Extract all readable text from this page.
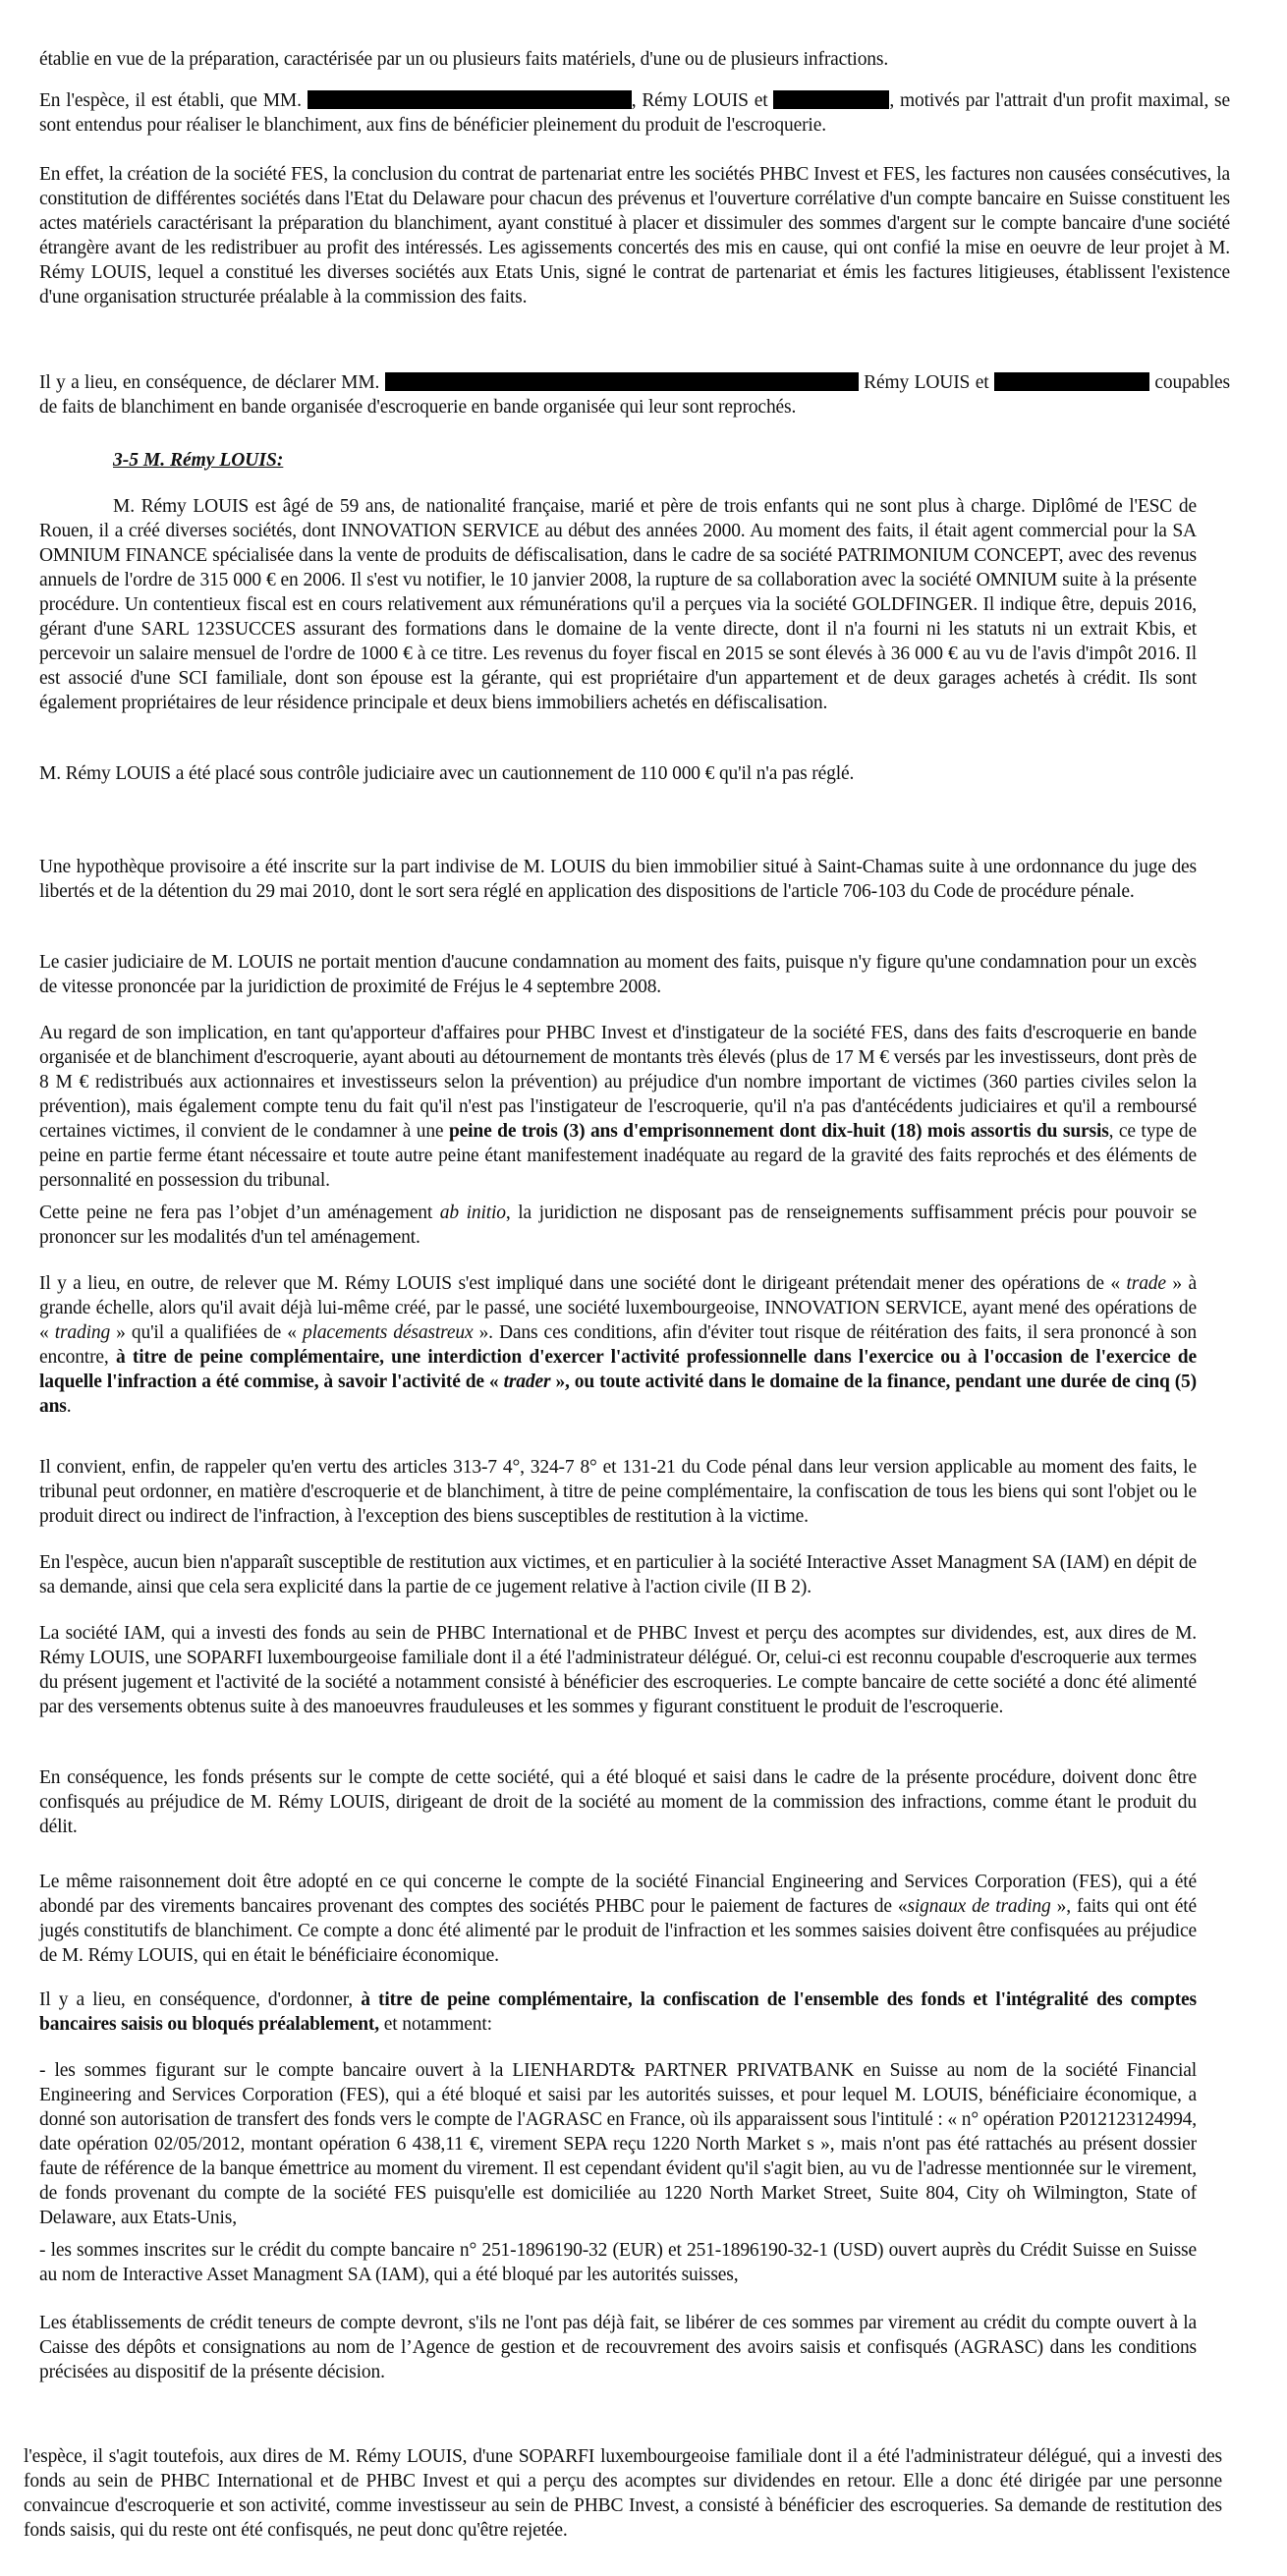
établie en vue de la préparation, caractérisée par un ou plusieurs faits matériels, d'une ou de plusieurs infractions.

En l'espèce, il est établi, que MM.	, Rémy LOUIS et	, motivés par l'attrait d'un profit maximal, se sont entendus pour réaliser le blanchiment, aux fins de bénéficier pleinement du produit de l'escroquerie.

En effet, la création de la société FES, la conclusion du contrat de partenariat entre les sociétés PHBC Invest et FES, les factures non causées consécutives, la constitution de différentes sociétés dans l'Etat du Delaware pour chacun des prévenus et l'ouverture corrélative d'un compte bancaire en Suisse constituent les actes matériels caractérisant la préparation du blanchiment, ayant constitué à placer et dissimuler des sommes d'argent sur le compte bancaire d'une société étrangère avant de les redistribuer au profit des intéressés. Les agissements concertés des mis en cause, qui ont confié la mise en oeuvre de leur projet à M. Rémy LOUIS, lequel a constitué les diverses sociétés aux Etats Unis, signé le contrat de partenariat et émis les factures litigieuses, établissent l'existence d'une organisation structurée préalable à la commission des faits.

Il y a lieu, en conséquence, de déclarer MM.	Rémy LOUIS et	coupables de faits de blanchiment en bande organisée d'escroquerie en bande organisée qui leur sont reprochés.

3-5 M. Rémy LOUIS:

M. Rémy LOUIS est âgé de 59 ans, de nationalité française, marié et père de trois enfants qui ne sont plus à charge. Diplômé de l'ESC de Rouen, il a créé diverses sociétés, dont INNOVATION SERVICE au début des années 2000. Au moment des faits, il était agent commercial pour la SA OMNIUM FINANCE spécialisée dans la vente de produits de défiscalisation, dans le cadre de sa société PATRIMONIUM CONCEPT, avec des revenus annuels de l'ordre de 315 000 € en 2006. Il s'est vu notifier, le 10 janvier 2008, la rupture de sa collaboration avec la société OMNIUM suite à la présente procédure. Un contentieux fiscal est en cours relativement aux rémunérations qu'il a perçues via la société GOLDFINGER. Il indique être, depuis 2016, gérant d'une SARL 123SUCCES assurant des formations dans le domaine de la vente directe, dont il n'a fourni ni les statuts ni un extrait Kbis, et percevoir un salaire mensuel de l'ordre de 1000 € à ce titre. Les revenus du foyer fiscal en 2015 se sont élevés à 36 000 € au vu de l'avis d'impôt 2016. Il est associé d'une SCI familiale, dont son épouse est la gérante, qui est propriétaire d'un appartement et de deux garages achetés à crédit. Ils sont également propriétaires de leur résidence principale et deux biens immobiliers achetés en défiscalisation.

M. Rémy LOUIS a été placé sous contrôle judiciaire avec un cautionnement de 110 000 € qu'il n'a pas réglé.

Une hypothèque provisoire a été inscrite sur la part indivise de M. LOUIS du bien immobilier situé à Saint-Chamas suite à une ordonnance du juge des libertés et de la détention du 29 mai 2010, dont le sort sera réglé en application des dispositions de l'article 706-103 du Code de procédure pénale.

Le casier judiciaire de M. LOUIS ne portait mention d'aucune condamnation au moment des faits, puisque n'y figure qu'une condamnation pour un excès de vitesse prononcée par la juridiction de proximité de Fréjus le 4 septembre 2008.

Au regard de son implication, en tant qu'apporteur d'affaires pour PHBC Invest et d'instigateur de la société FES, dans des faits d'escroquerie en bande organisée et de blanchiment d'escroquerie, ayant abouti au détournement de montants très élevés (plus de 17 M € versés par les investisseurs, dont près de 8 M € redistribués aux actionnaires et investisseurs selon la prévention) au préjudice d'un nombre important de victimes (360 parties civiles selon la prévention), mais également compte tenu du fait qu'il n'est pas l'instigateur de l'escroquerie, qu'il n'a pas d'antécédents judiciaires et qu'il a remboursé certaines victimes, il convient de le condamner à une peine de trois (3) ans d'emprisonnement dont dix-huit (18) mois assortis du sursis, ce type de peine en partie ferme étant nécessaire et toute autre peine étant manifestement inadéquate au regard de la gravité des faits reprochés et des éléments de personnalité en possession du tribunal.

Cette peine ne fera pas l’objet d’un aménagement ab initio, la juridiction ne disposant pas de renseignements suffisamment précis pour pouvoir se prononcer sur les modalités d'un tel aménagement.

Il y a lieu, en outre, de relever que M. Rémy LOUIS s'est impliqué dans une société dont le dirigeant prétendait mener des opérations de « trade » à grande échelle, alors qu'il avait déjà lui-même créé, par le passé, une société luxembourgeoise, INNOVATION SERVICE, ayant mené des opérations de « trading » qu'il a qualifiées de « placements désastreux ». Dans ces conditions, afin d'éviter tout risque de réitération des faits, il sera prononcé à son encontre, à titre de peine complémentaire, une interdiction d'exercer l'activité professionnelle dans l'exercice ou à l'occasion de l'exercice de laquelle l'infraction a été commise, à savoir l'activité de « trader », ou toute activité dans le domaine de la finance, pendant une durée de cinq (5) ans.

Il convient, enfin, de rappeler qu'en vertu des articles 313-7 4°, 324-7 8° et 131-21 du Code pénal dans leur version applicable au moment des faits, le tribunal peut ordonner, en matière d'escroquerie et de blanchiment, à titre de peine complémentaire, la confiscation de tous les biens qui sont l'objet ou le produit direct ou indirect de l'infraction, à l'exception des biens susceptibles de restitution à la victime.

En l'espèce, aucun bien n'apparaît susceptible de restitution aux victimes, et en particulier à la société Interactive Asset Managment SA (IAM) en dépit de sa demande, ainsi que cela sera explicité dans la partie de ce jugement relative à l'action civile (II B 2).

La société IAM, qui a investi des fonds au sein de PHBC International et de PHBC Invest et perçu des acomptes sur dividendes, est, aux dires de M. Rémy LOUIS, une SOPARFI luxembourgeoise familiale dont il a été l'administrateur délégué. Or, celui-ci est reconnu coupable d'escroquerie aux termes du présent jugement et l'activité de la société a notamment consisté à bénéficier des escroqueries. Le compte bancaire de cette société a donc été alimenté par des versements obtenus suite à des manoeuvres frauduleuses et les sommes y figurant constituent le produit de l'escroquerie.

En conséquence, les fonds présents sur le compte de cette société, qui a été bloqué et saisi dans le cadre de la présente procédure, doivent donc être confisqués au préjudice de M. Rémy LOUIS, dirigeant de droit de la société au moment de la commission des infractions, comme étant le produit du délit.

Le même raisonnement doit être adopté en ce qui concerne le compte de la société Financial Engineering and Services Corporation (FES), qui a été abondé par des virements bancaires provenant des comptes des sociétés PHBC pour le paiement de factures de «signaux de trading », faits qui ont été jugés constitutifs de blanchiment. Ce compte a donc été alimenté par le produit de l'infraction et les sommes saisies doivent être confisquées au préjudice de M. Rémy LOUIS, qui en était le bénéficiaire économique.

Il y a lieu, en conséquence, d'ordonner, à titre de peine complémentaire, la confiscation de l'ensemble des fonds et l'intégralité des comptes bancaires saisis ou bloqués préalablement, et notamment:

- les sommes figurant sur le compte bancaire ouvert à la LIENHARDT& PARTNER PRIVATBANK en Suisse au nom de la société Financial Engineering and Services Corporation (FES), qui a été bloqué et saisi par les autorités suisses, et pour lequel M. LOUIS, bénéficiaire économique, a donné son autorisation de transfert des fonds vers le compte de l'AGRASC en France, où ils apparaissent sous l'intitulé : « n° opération P2012123124994, date opération 02/05/2012, montant opération 6 438,11 €, virement SEPA reçu 1220 North Market s », mais n'ont pas été rattachés au présent dossier faute de référence de la banque émettrice au moment du virement. Il est cependant évident qu'il s'agit bien, au vu de l'adresse mentionnée sur le virement, de fonds provenant du compte de la société FES puisqu'elle est domiciliée au 1220 North Market Street, Suite 804, City oh Wilmington, State of Delaware, aux Etats-Unis,

- les sommes inscrites sur le crédit du compte bancaire n° 251-1896190-32 (EUR) et 251-1896190-32-1 (USD) ouvert auprès du Crédit Suisse en Suisse au nom de Interactive Asset Managment SA (IAM), qui a été bloqué par les autorités suisses,

Les établissements de crédit teneurs de compte devront, s'ils ne l'ont pas déjà fait, se libérer de ces sommes par virement au crédit du compte ouvert à la Caisse des dépôts et consignations au nom de l’Agence de gestion et de recouvrement des avoirs saisis et confisqués (AGRASC) dans les conditions précisées au dispositif de la présente décision.

l'espèce, il s'agit toutefois, aux dires de M. Rémy LOUIS, d'une SOPARFI luxembourgeoise familiale dont il a été l'administrateur délégué, qui a investi des fonds au sein de PHBC International et de PHBC Invest et qui a perçu des acomptes sur dividendes en retour. Elle a donc été dirigée par une personne convaincue d'escroquerie et son activité, comme investisseur au sein de PHBC Invest, a consisté à bénéficier des escroqueries. Sa demande de restitution des fonds saisis, qui du reste ont été confisqués, ne peut donc qu'être rejetée.
